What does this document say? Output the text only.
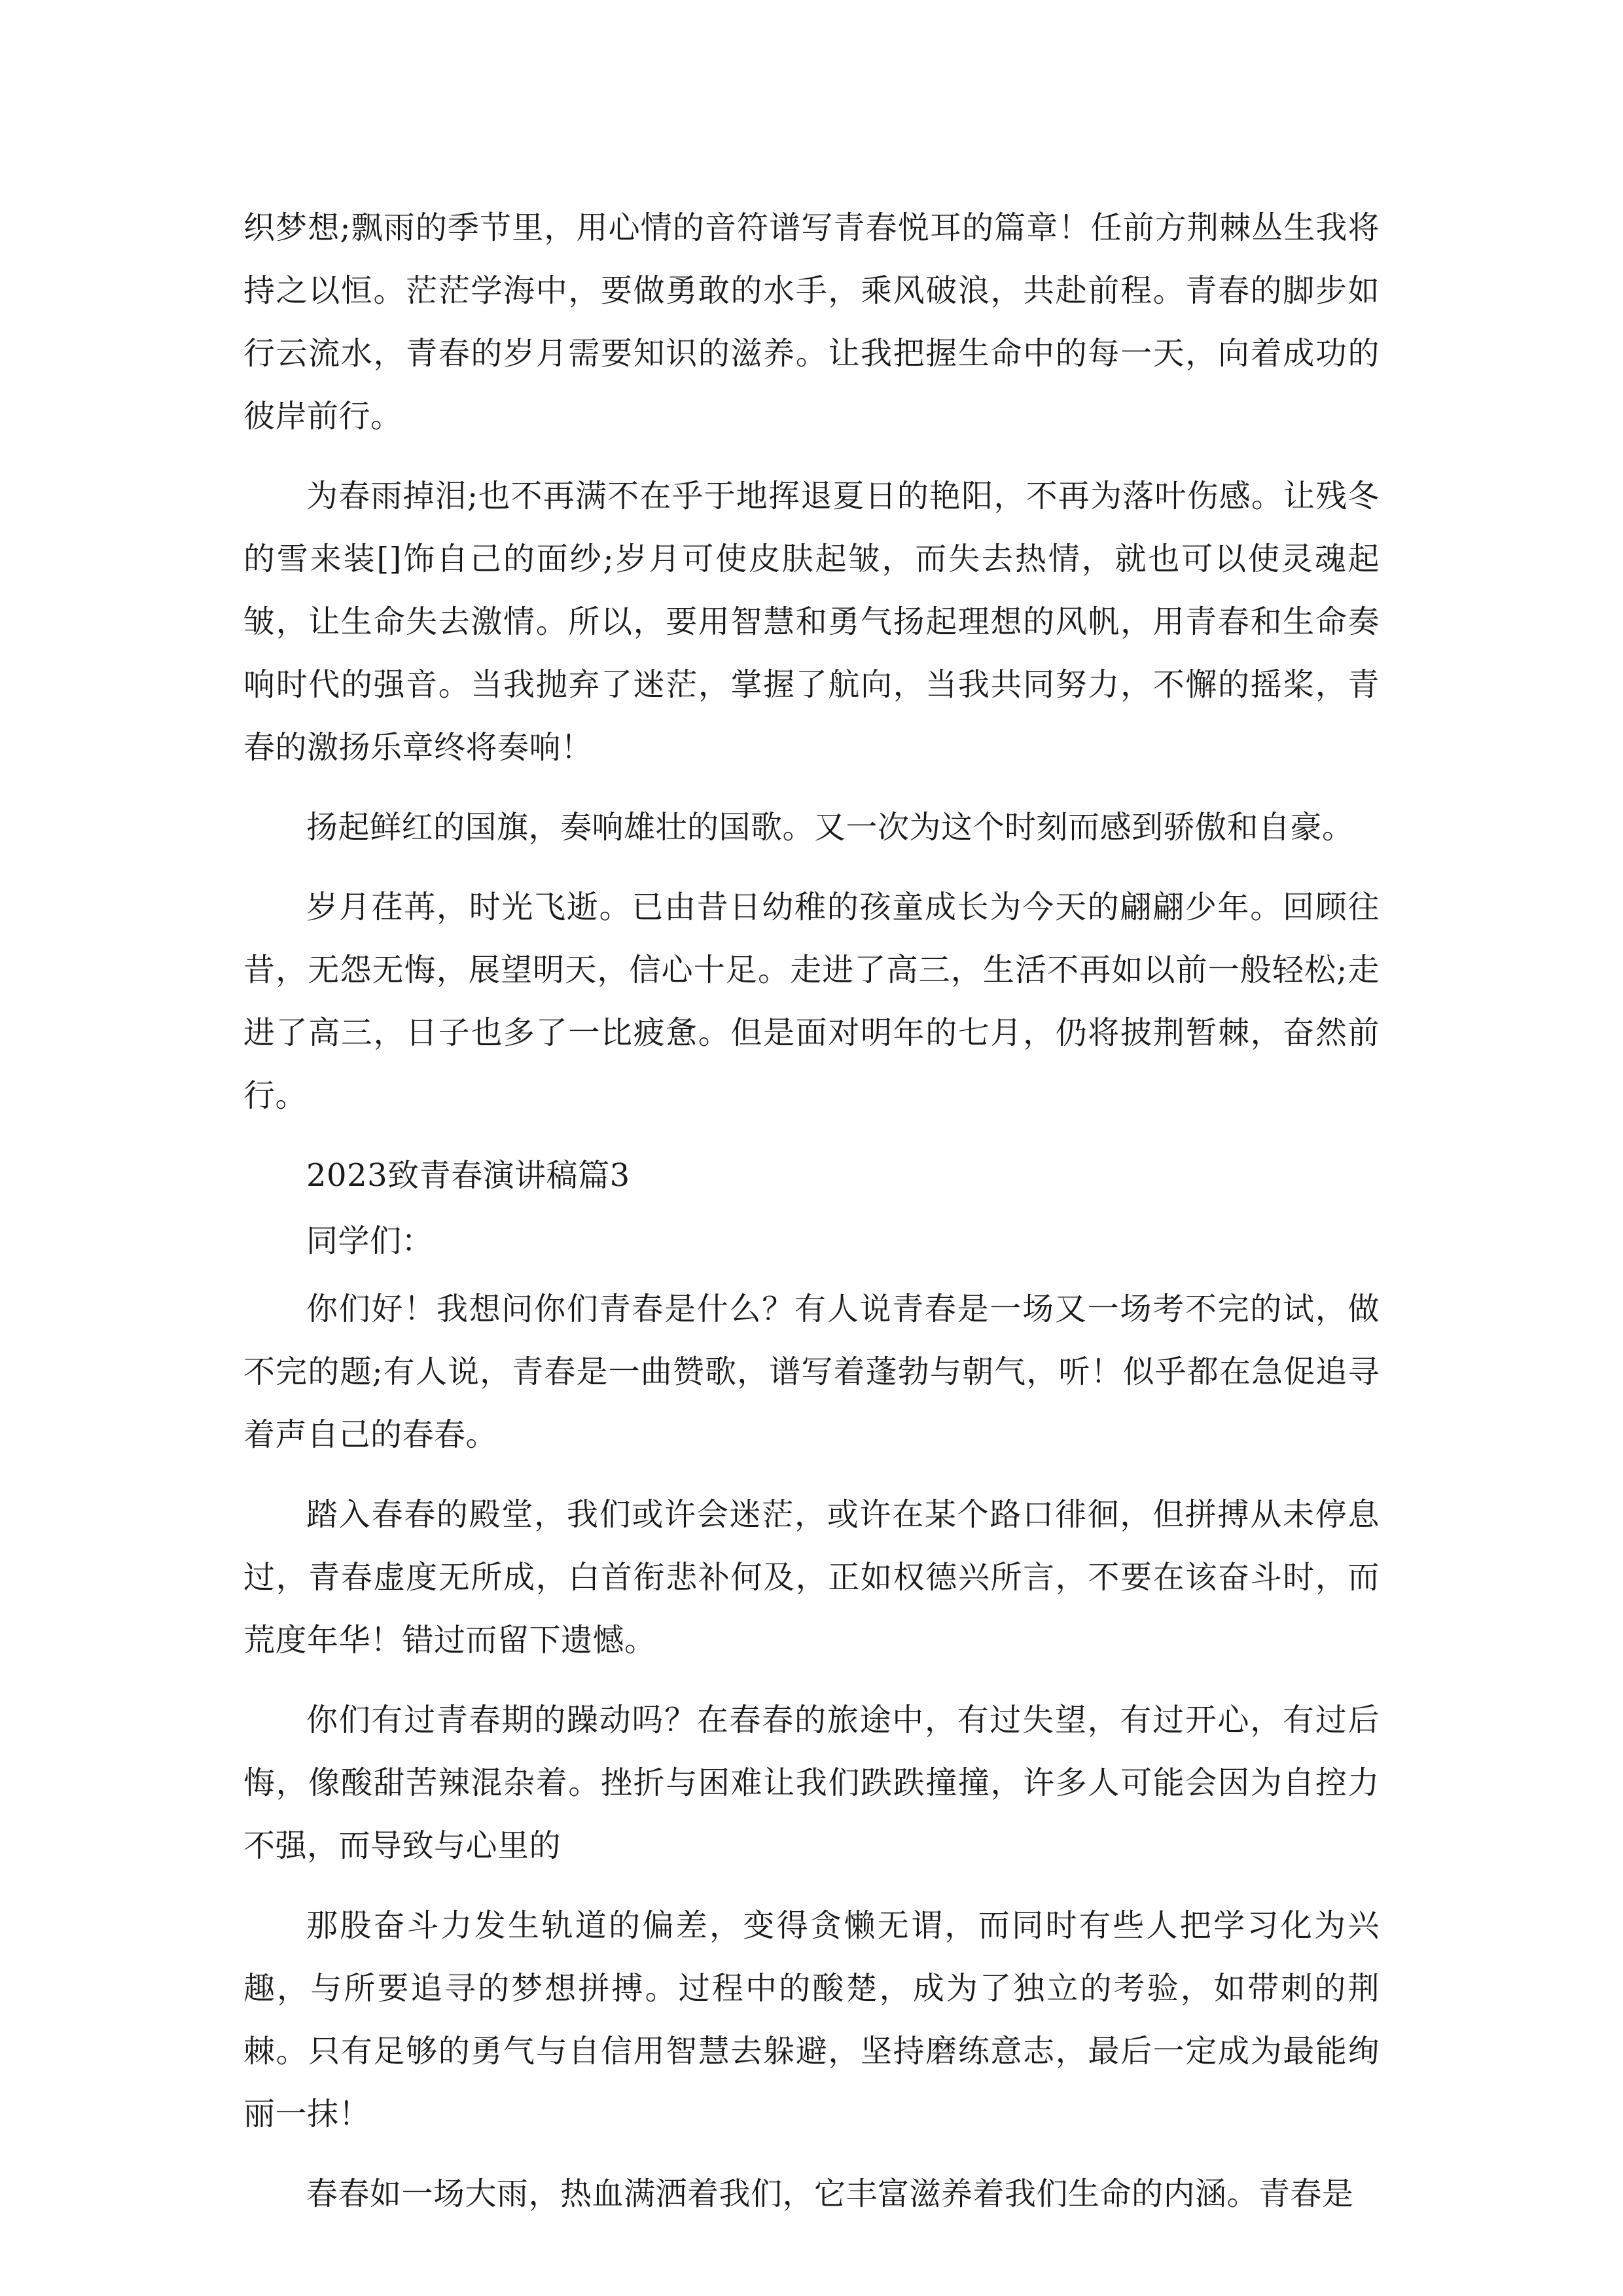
织梦想;飘雨的季节里，用心情的音符谱写青春悦耳的篇章！任前方荆棘丛生我将持之以恒。茫茫学海中，要做勇敢的水手，乘风破浪，共赴前程。青春的脚步如行云流水，青春的岁月需要知识的滋养。让我把握生命中的每一天，向着成功的彼岸前行。

为春雨掉泪;也不再满不在乎于地挥退夏日的艳阳，不再为落叶伤感。让残冬的雪来装[]饰自己的面纱;岁月可使皮肤起皱，而失去热情，就也可以使灵魂起皱，让生命失去激情。所以，要用智慧和勇气扬起理想的风帆，用青春和生命奏响时代的强音。当我抛弃了迷茫，掌握了航向，当我共同努力，不懈的摇桨，青春的激扬乐章终将奏响！

扬起鲜红的国旗，奏响雄壮的国歌。又一次为这个时刻而感到骄傲和自豪。

岁月荏苒，时光飞逝。已由昔日幼稚的孩童成长为今天的翩翩少年。回顾往昔，无怨无悔，展望明天，信心十足。走进了高三，生活不再如以前一般轻松;走进了高三，日子也多了一比疲惫。但是面对明年的七月，仍将披荆暂棘，奋然前行。

2023致青春演讲稿篇3

同学们：

你们好！我想问你们青春是什么？有人说青春是一场又一场考不完的试，做不完的题;有人说，青春是一曲赞歌，谱写着蓬勃与朝气，听！似乎都在急促追寻着声自己的春春。

踏入春春的殿堂，我们或许会迷茫，或许在某个路口徘徊，但拼搏从未停息过，青春虚度无所成，白首衔悲补何及，正如权德兴所言，不要在该奋斗时，而荒度年华！错过而留下遗憾。

你们有过青春期的躁动吗？在春春的旅途中，有过失望，有过开心，有过后悔，像酸甜苦辣混杂着。挫折与困难让我们跌跌撞撞，许多人可能会因为自控力不强，而导致与心里的

那股奋斗力发生轨道的偏差，变得贪懒无谓，而同时有些人把学习化为兴趣，与所要追寻的梦想拼搏。过程中的酸楚，成为了独立的考验，如带刺的荆棘。只有足够的勇气与自信用智慧去躲避，坚持磨练意志，最后一定成为最能绚丽一抹！

春春如一场大雨，热血满洒着我们，它丰富滋养着我们生命的内涵。青春是
